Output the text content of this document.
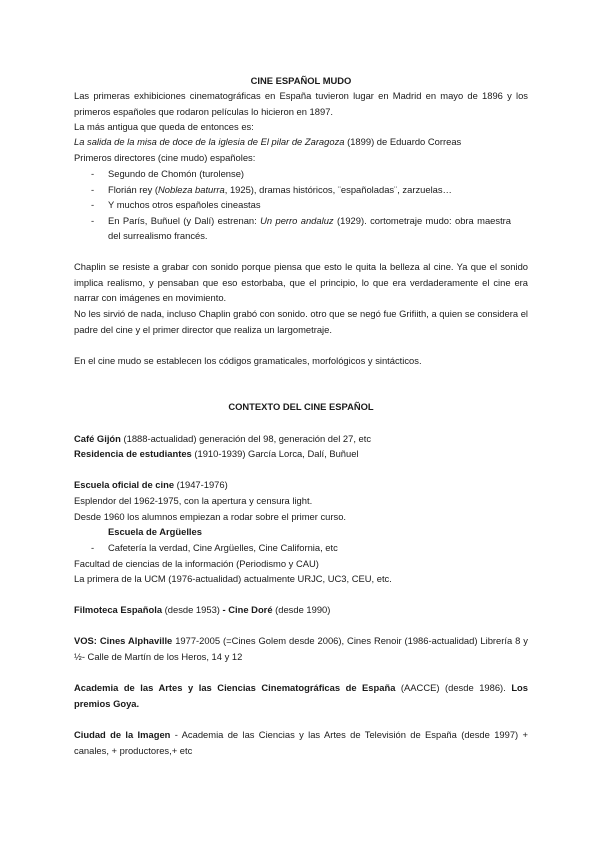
CINE ESPAÑOL MUDO

Las primeras exhibiciones cinematográficas en España tuvieron lugar en Madrid en mayo de 1896 y los primeros españoles que rodaron películas lo hicieron en 1897.

La más antigua que queda de entonces es:

La salida de la misa de doce de la iglesia de El pilar de Zaragoza (1899) de Eduardo Correas

Primeros directores (cine mudo) españoles:

- Segundo de Chomón (turolense)
- Florián rey (Nobleza baturra, 1925), dramas históricos, ¨españoladas¨, zarzuelas…
- Y muchos otros españoles cineastas
- En París, Buñuel (y Dalí) estrenan: Un perro andaluz (1929). cortometraje mudo: obra maestra del surrealismo francés.

Chaplin se resiste a grabar con sonido porque piensa que esto le quita la belleza al cine. Ya que el sonido implica realismo, y pensaban que eso estorbaba, que el principio, lo que era verdaderamente el cine era narrar con imágenes en movimiento.

No les sirvió de nada, incluso Chaplin grabó con sonido. otro que se negó fue Grifiith, a quien se considera el padre del cine y el primer director que realiza un largometraje.

En el cine mudo se establecen los códigos gramaticales, morfológicos y sintácticos.

CONTEXTO DEL CINE ESPAÑOL

Café Gijón (1888-actualidad) generación del 98, generación del 27, etc

Residencia de estudiantes (1910-1939) García Lorca, Dalí, Buñuel

Escuela oficial de cine (1947-1976)

Esplendor del 1962-1975, con la apertura y censura light.

Desde 1960 los alumnos empiezan a rodar sobre el primer curso.

Escuela de Argüelles

- Cafetería la verdad, Cine Argüelles, Cine California, etc

Facultad de ciencias de la información (Periodismo y CAU)

La primera de la UCM (1976-actualidad) actualmente URJC, UC3, CEU, etc.

Filmoteca Española (desde 1953) - Cine Doré (desde 1990)

VOS: Cines Alphaville 1977-2005 (=Cines Golem desde 2006), Cines Renoir (1986-actualidad) Librería 8 y ½- Calle de Martín de los Heros, 14 y 12

Academia de las Artes y las Ciencias Cinematográficas de España (AACCE) (desde 1986). Los premios Goya.

Ciudad de la Imagen - Academia de las Ciencias y las Artes de Televisión de España (desde 1997) + canales, + productores,+ etc
